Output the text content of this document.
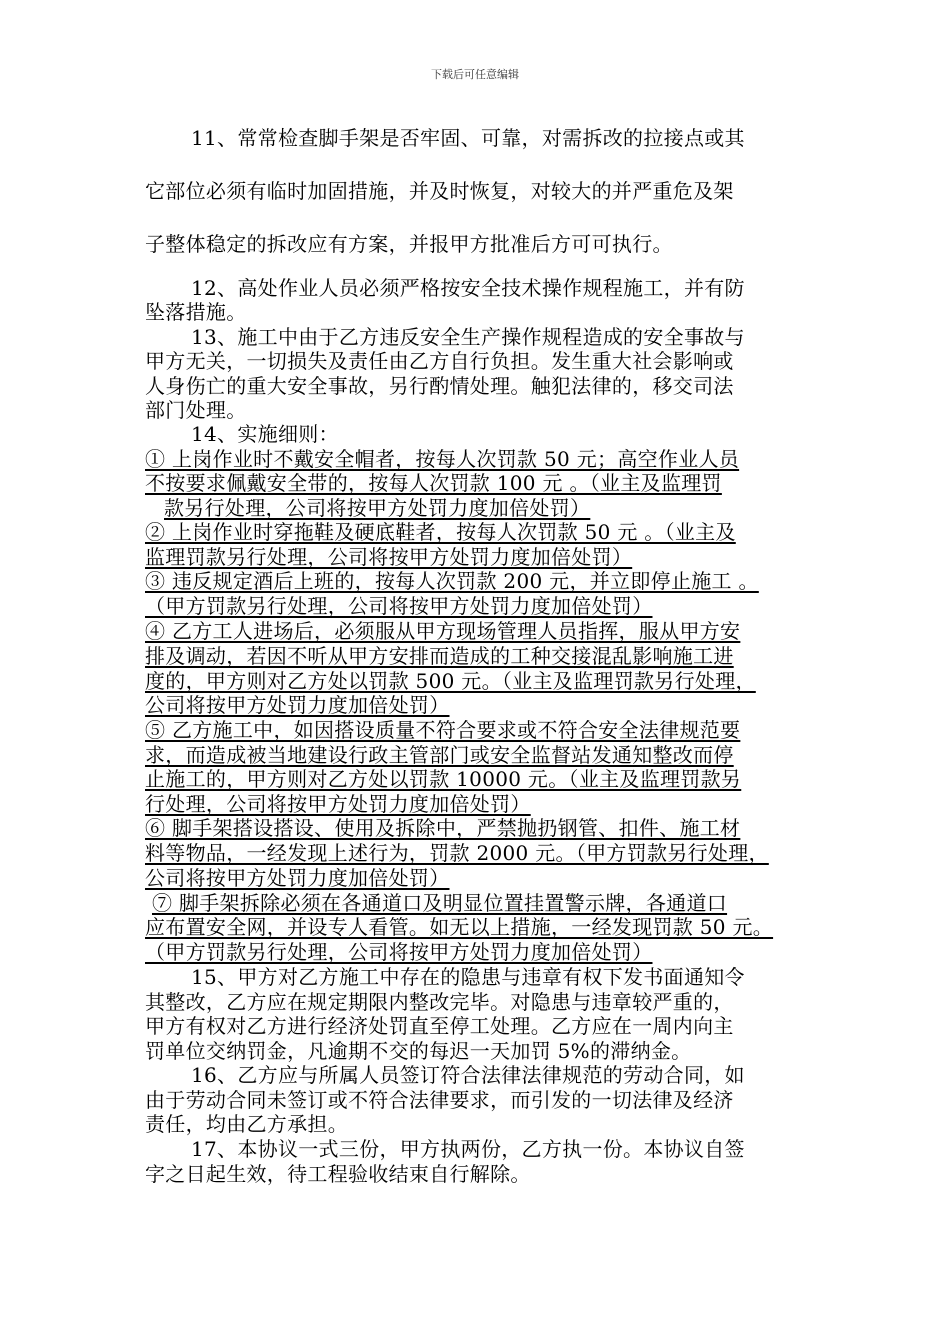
下载后可任意编辑
11、常常检查脚手架是否牢固、可靠，对需拆改的拉接点或其
它部位必须有临时加固措施，并及时恢复，对较大的并严重危及架
子整体稳定的拆改应有方案，并报甲方批准后方可可执行。
12、高处作业人员必须严格按安全技术操作规程施工，并有防
坠落措施。
13、施工中由于乙方违反安全生产操作规程造成的安全事故与
甲方无关，一切损失及责任由乙方自行负担。发生重大社会影响或
人身伤亡的重大安全事故，另行酌情处理。触犯法律的，移交司法
部门处理。
14、实施细则：
① 上岗作业时不戴安全帽者，按每人次罚款 50 元；高空作业人员
不按要求佩戴安全带的，按每人次罚款 100 元 。（业主及监理罚
款另行处理，公司将按甲方处罚力度加倍处罚）
② 上岗作业时穿拖鞋及硬底鞋者，按每人次罚款 50 元 。（业主及
监理罚款另行处理，公司将按甲方处罚力度加倍处罚）
③ 违反规定酒后上班的，按每人次罚款 200 元，并立即停止施工 。
（甲方罚款另行处理，公司将按甲方处罚力度加倍处罚）
④ 乙方工人进场后，必须服从甲方现场管理人员指挥，服从甲方安
排及调动，若因不听从甲方安排而造成的工种交接混乱影响施工进
度的，甲方则对乙方处以罚款 500 元。（业主及监理罚款另行处理，
公司将按甲方处罚力度加倍处罚）
⑤ 乙方施工中，如因搭设质量不符合要求或不符合安全法律规范要
求，而造成被当地建设行政主管部门或安全监督站发通知整改而停
止施工的，甲方则对乙方处以罚款 10000 元。（业主及监理罚款另
行处理，公司将按甲方处罚力度加倍处罚）
⑥ 脚手架搭设搭设、使用及拆除中，严禁抛扔钢管、扣件、施工材
料等物品，一经发现上述行为，罚款 2000 元。（甲方罚款另行处理，
公司将按甲方处罚力度加倍处罚）
⑦ 脚手架拆除必须在各通道口及明显位置挂置警示牌，各通道口
应布置安全网，并设专人看管。如无以上措施，一经发现罚款 50 元。
（甲方罚款另行处理，公司将按甲方处罚力度加倍处罚）
15、甲方对乙方施工中存在的隐患与违章有权下发书面通知令
其整改，乙方应在规定期限内整改完毕。对隐患与违章较严重的，
甲方有权对乙方进行经济处罚直至停工处理。乙方应在一周内向主
罚单位交纳罚金，凡逾期不交的每迟一天加罚 5%的滞纳金。
16、乙方应与所属人员签订符合法律法律规范的劳动合同，如
由于劳动合同未签订或不符合法律要求，而引发的一切法律及经济
责任，均由乙方承担。
17、本协议一式三份，甲方执两份，乙方执一份。本协议自签
字之日起生效，待工程验收结束自行解除。
